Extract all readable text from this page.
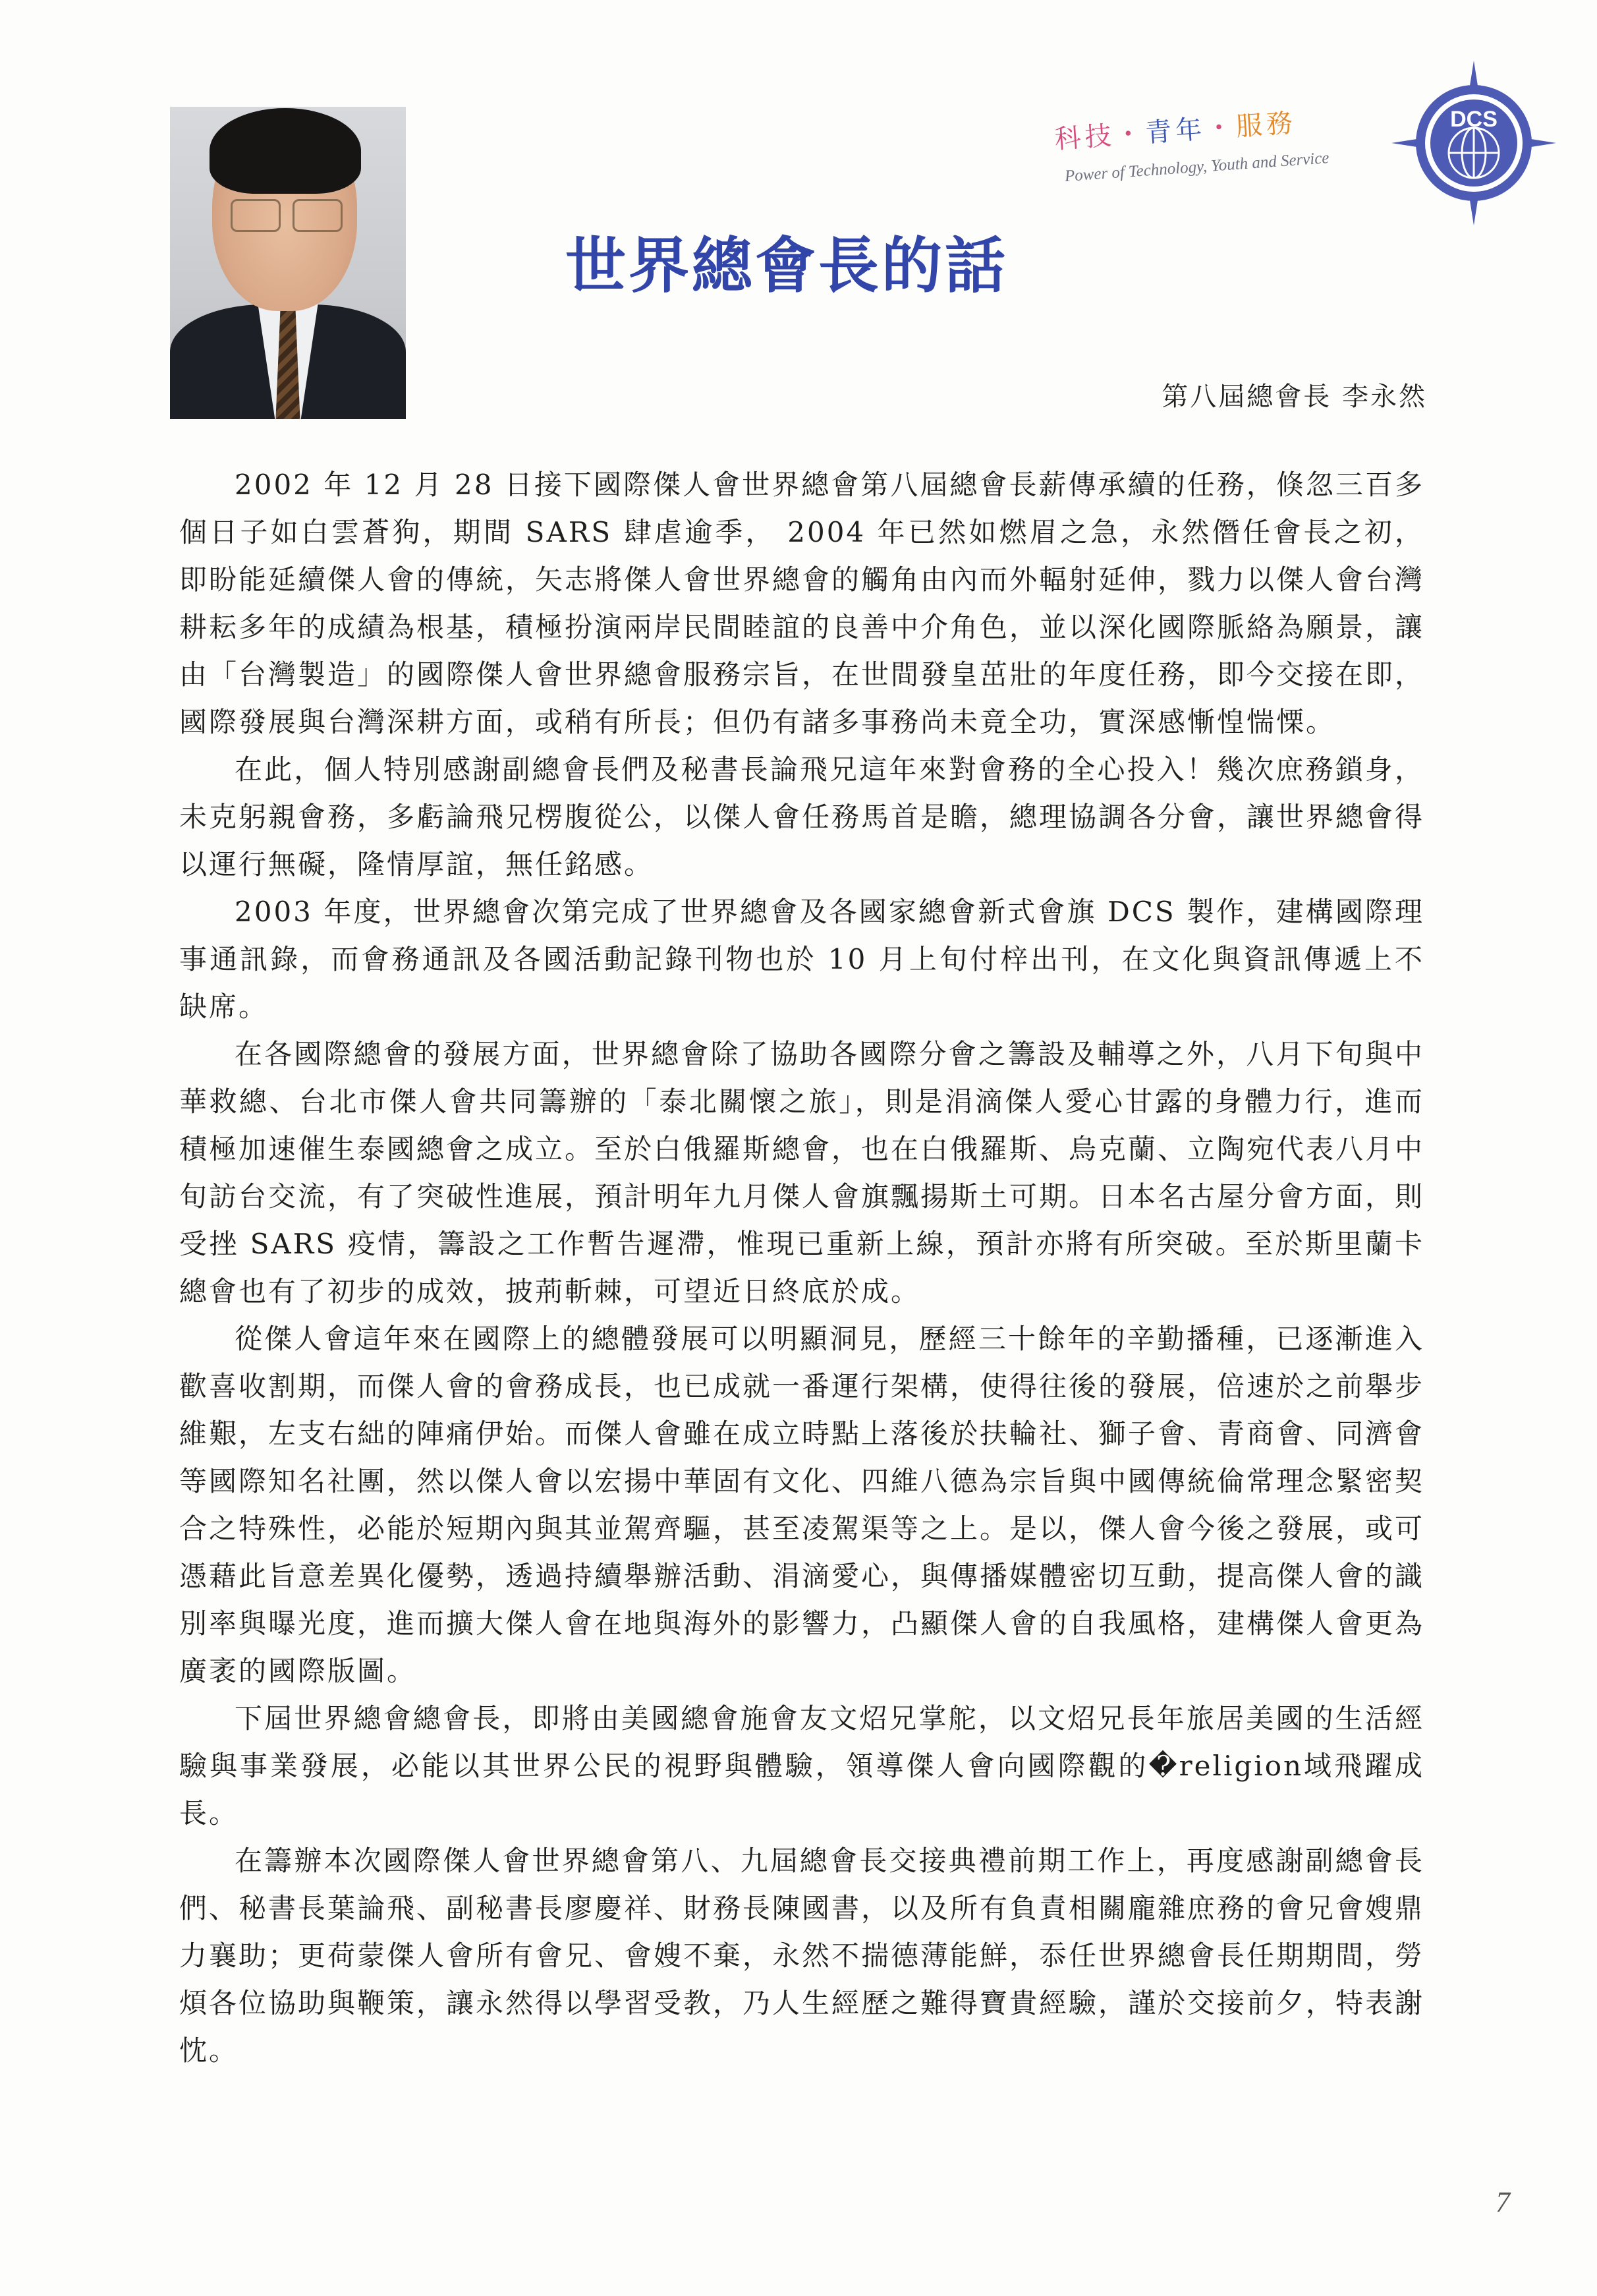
科技・青年・服務
Power of Technology, Youth and Service
DCS
世界總會長的話
第八屆總會長 李永然

2002 年 12 月 28 日接下國際傑人會世界總會第八屆總會長薪傳承續的任務，倏忽三百多個日子如白雲蒼狗，期間 SARS 肆虐逾季， 2004 年已然如燃眉之急，永然僭任會長之初，即盼能延續傑人會的傳統，矢志將傑人會世界總會的觸角由內而外輻射延伸，戮力以傑人會台灣耕耘多年的成績為根基，積極扮演兩岸民間睦誼的良善中介角色，並以深化國際脈絡為願景，讓由「台灣製造」的國際傑人會世界總會服務宗旨，在世間發皇茁壯的年度任務，即今交接在即，國際發展與台灣深耕方面，或稍有所長；但仍有諸多事務尚未竟全功，實深感慚惶惴慄。

在此，個人特別感謝副總會長們及秘書長論飛兄這年來對會務的全心投入！幾次庶務鎖身，未克躬親會務，多虧論飛兄楞腹從公，以傑人會任務馬首是瞻，總理協調各分會，讓世界總會得以運行無礙，隆情厚誼，無任銘感。

2003 年度，世界總會次第完成了世界總會及各國家總會新式會旗 DCS 製作，建構國際理事通訊錄，而會務通訊及各國活動記錄刊物也於 10 月上旬付梓出刊，在文化與資訊傳遞上不缺席。

在各國際總會的發展方面，世界總會除了協助各國際分會之籌設及輔導之外，八月下旬與中華救總、台北市傑人會共同籌辦的「泰北關懷之旅」，則是涓滴傑人愛心甘露的身體力行，進而積極加速催生泰國總會之成立。至於白俄羅斯總會，也在白俄羅斯、烏克蘭、立陶宛代表八月中旬訪台交流，有了突破性進展，預計明年九月傑人會旗飄揚斯土可期。日本名古屋分會方面，則受挫 SARS 疫情，籌設之工作暫告遲滯，惟現已重新上線，預計亦將有所突破。至於斯里蘭卡總會也有了初步的成效，披荊斬棘，可望近日終底於成。

從傑人會這年來在國際上的總體發展可以明顯洞見，歷經三十餘年的辛勤播種，已逐漸進入歡喜收割期，而傑人會的會務成長，也已成就一番運行架構，使得往後的發展，倍速於之前舉步維艱，左支右絀的陣痛伊始。而傑人會雖在成立時點上落後於扶輪社、獅子會、青商會、同濟會等國際知名社團，然以傑人會以宏揚中華固有文化、四維八德為宗旨與中國傳統倫常理念緊密契合之特殊性，必能於短期內與其並駕齊驅，甚至凌駕渠等之上。是以，傑人會今後之發展，或可憑藉此旨意差異化優勢，透過持續舉辦活動、涓滴愛心，與傳播媒體密切互動，提高傑人會的識別率與曝光度，進而擴大傑人會在地與海外的影響力，凸顯傑人會的自我風格，建構傑人會更為廣袤的國際版圖。

下屆世界總會總會長，即將由美國總會施會友文炤兄掌舵，以文炤兄長年旅居美國的生活經驗與事業發展，必能以其世界公民的視野與體驗，領導傑人會向國際觀的�religion域飛躍成長。

在籌辦本次國際傑人會世界總會第八、九屆總會長交接典禮前期工作上，再度感謝副總會長們、秘書長葉論飛、副秘書長廖慶祥、財務長陳國書，以及所有負責相關龐雜庶務的會兄會嫂鼎力襄助；更荷蒙傑人會所有會兄、會嫂不棄，永然不揣德薄能鮮，忝任世界總會長任期期間，勞煩各位協助與鞭策，讓永然得以學習受教，乃人生經歷之難得寶貴經驗，謹於交接前夕，特表謝忱。

7
